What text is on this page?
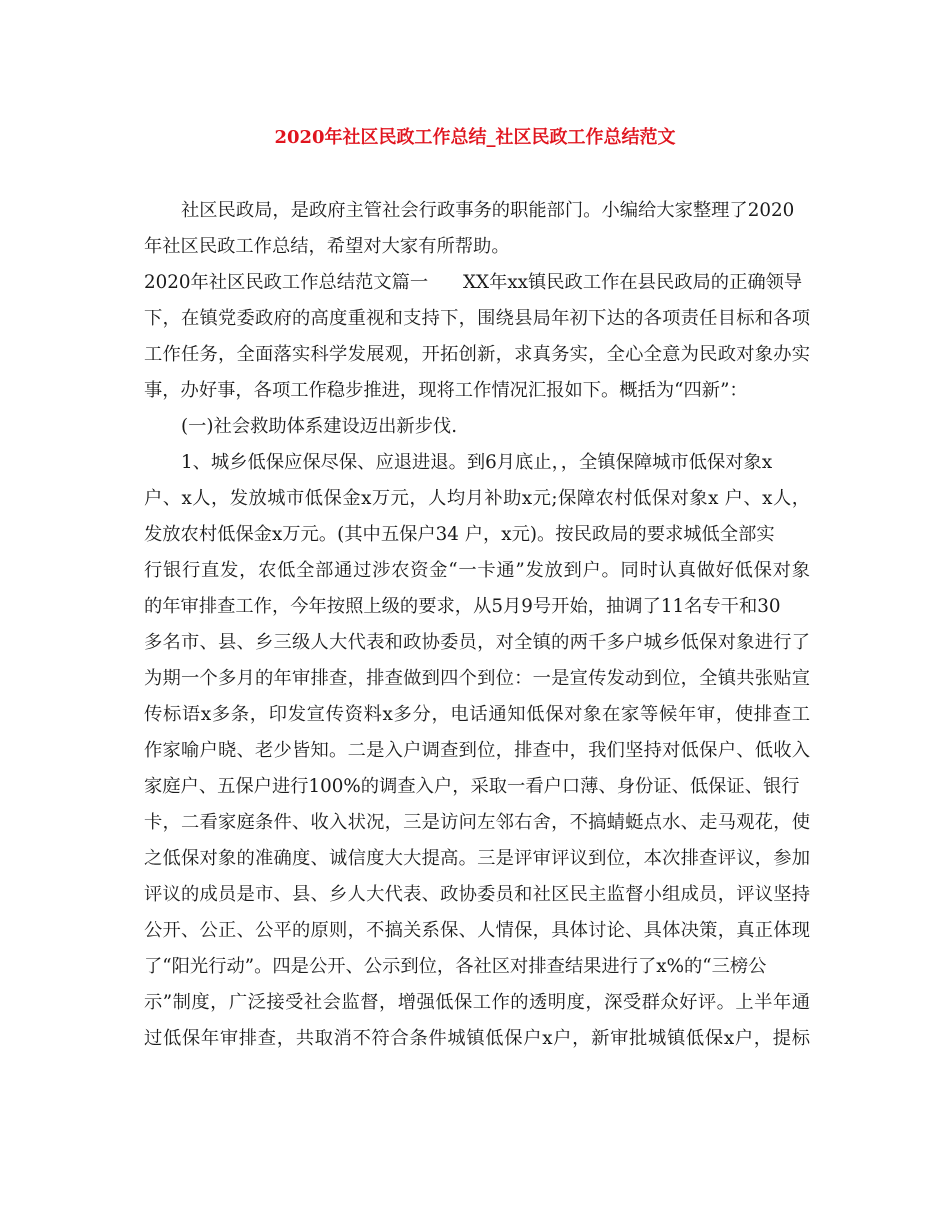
2020年社区民政工作总结_社区民政工作总结范文
社区民政局，是政府主管社会行政事务的职能部门。小编给大家整理了2020
年社区民政工作总结，希望对大家有所帮助。
2020年社区民政工作总结范文篇一      XX年xx镇民政工作在县民政局的正确领导
下，在镇党委政府的高度重视和支持下，围绕县局年初下达的各项责任目标和各项
工作任务，全面落实科学发展观，开拓创新，求真务实，全心全意为民政对象办实
事，办好事，各项工作稳步推进，现将工作情况汇报如下。概括为“四新”：
(一)社会救助体系建设迈出新步伐.
1、城乡低保应保尽保、应退进退。到6月底止，，全镇保障城市低保对象x
户、x人，发放城市低保金x万元，人均月补助x元;保障农村低保对象x 户、x人，
发放农村低保金x万元。(其中五保户34 户，x元)。按民政局的要求城低全部实
行银行直发，农低全部通过涉农资金“一卡通”发放到户。同时认真做好低保对象
的年审排查工作，今年按照上级的要求，从5月9号开始，抽调了11名专干和30
多名市、县、乡三级人大代表和政协委员，对全镇的两千多户城乡低保对象进行了
为期一个多月的年审排查，排查做到四个到位：一是宣传发动到位，全镇共张贴宣
传标语x多条，印发宣传资料x多分，电话通知低保对象在家等候年审，使排查工
作家喻户晓、老少皆知。二是入户调查到位，排查中，我们坚持对低保户、低收入
家庭户、五保户进行100%的调查入户，采取一看户口薄、身份证、低保证、银行
卡，二看家庭条件、收入状况，三是访问左邻右舍，不搞蜻蜓点水、走马观花，使
之低保对象的准确度、诚信度大大提高。三是评审评议到位，本次排查评议，参加
评议的成员是市、县、乡人大代表、政协委员和社区民主监督小组成员，评议坚持
公开、公正、公平的原则，不搞关系保、人情保，具体讨论、具体决策，真正体现
了“阳光行动”。四是公开、公示到位，各社区对排查结果进行了x%的“三榜公
示”制度，广泛接受社会监督，增强低保工作的透明度，深受群众好评。上半年通
过低保年审排查，共取消不符合条件城镇低保户x户，新审批城镇低保x户，提标
